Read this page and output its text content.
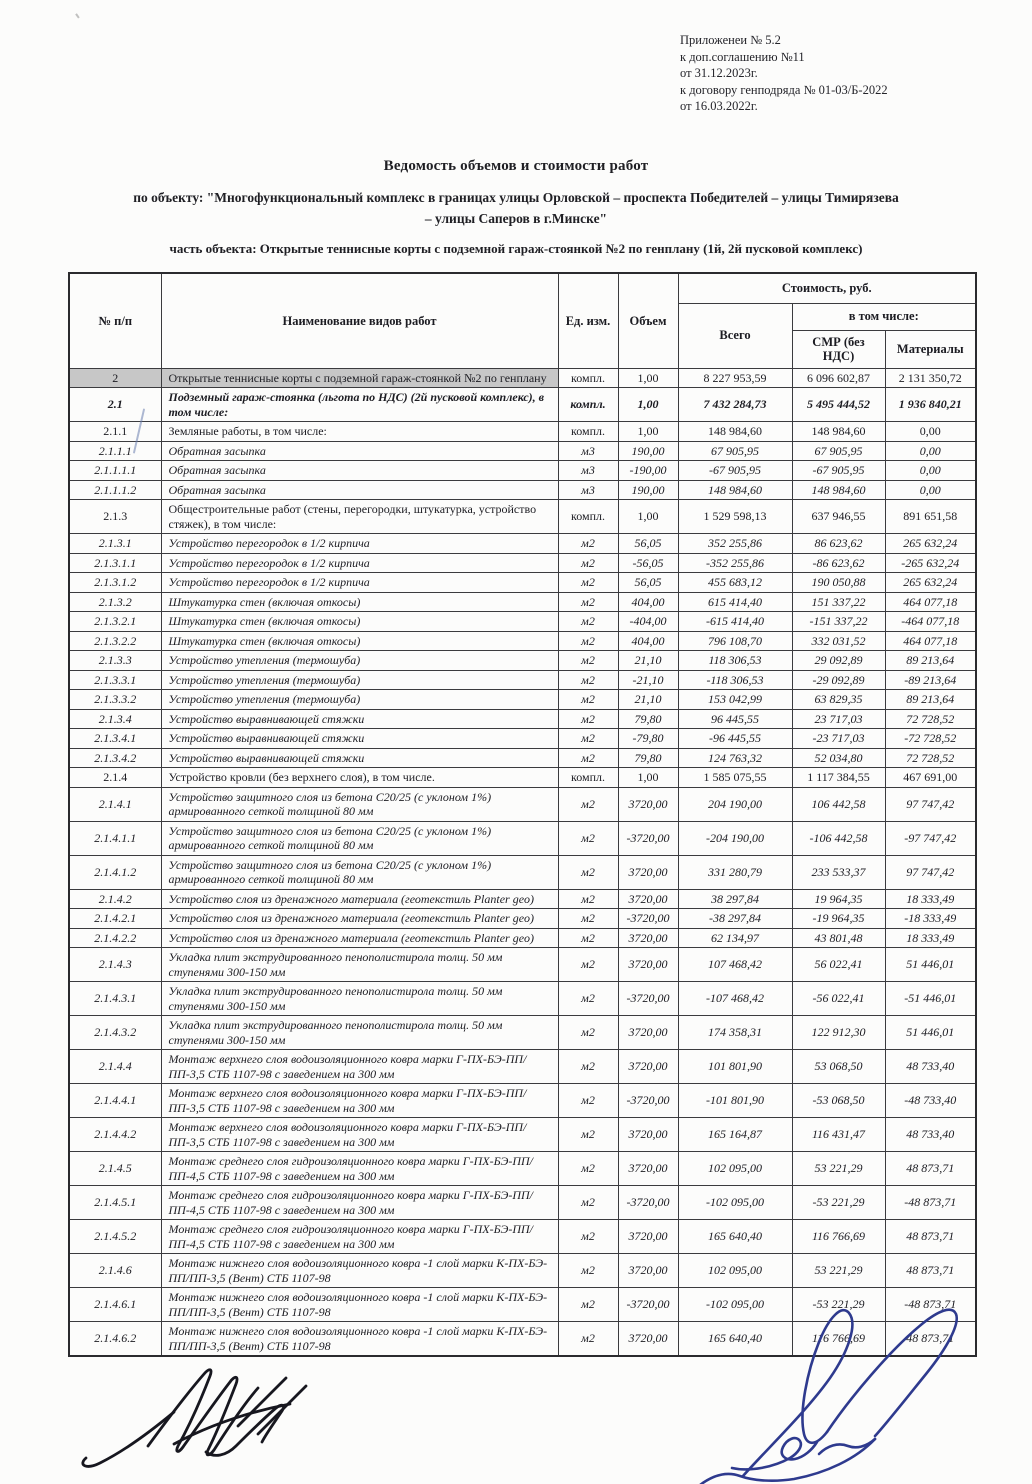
Приложенеи № 5.2
к доп.соглашению №11
от 31.12.2023г.
к договору генподряда № 01-03/Б-2022
от 16.03.2022г.
Ведомость объемов и стоимости работ
по объекту: "Многофункциональный комплекс в границах улицы Орловской – проспекта Победителей – улицы Тимирязева
– улицы Саперов в г.Минске"
часть объекта: Открытые теннисные корты с подземной гараж-стоянкой №2 по генплану (1й, 2й пусковой комплекс)
№ п/п	Наименование видов работ	Ед. изм.	Объем	Стоимость, руб.		
				Всего	в том числе:	
					СМР (без НДС)	Материалы
2	Открытые теннисные корты с подземной гараж-стоянкой №2 по генплану	компл.	1,00	8 227 953,59	6 096 602,87	2 131 350,72
2.1	Подземный гараж-стоянка (льгота по НДС) (2й пусковой комплекс), в том числе:	компл.	1,00	7 432 284,73	5 495 444,52	1 936 840,21
2.1.1	Земляные работы, в том числе:	компл.	1,00	148 984,60	148 984,60	0,00
2.1.1.1	Обратная засыпка	м3	190,00	67 905,95	67 905,95	0,00
2.1.1.1.1	Обратная засыпка	м3	-190,00	-67 905,95	-67 905,95	0,00
2.1.1.1.2	Обратная засыпка	м3	190,00	148 984,60	148 984,60	0,00
2.1.3	Общестроительные работ (стены, перегородки, штукатурка, устройство стяжек), в том числе:	компл.	1,00	1 529 598,13	637 946,55	891 651,58
2.1.3.1	Устройство перегородок в 1/2 кирпича	м2	56,05	352 255,86	86 623,62	265 632,24
2.1.3.1.1	Устройство перегородок в 1/2 кирпича	м2	-56,05	-352 255,86	-86 623,62	-265 632,24
2.1.3.1.2	Устройство перегородок в 1/2 кирпича	м2	56,05	455 683,12	190 050,88	265 632,24
2.1.3.2	Штукатурка стен (включая откосы)	м2	404,00	615 414,40	151 337,22	464 077,18
2.1.3.2.1	Штукатурка стен (включая откосы)	м2	-404,00	-615 414,40	-151 337,22	-464 077,18
2.1.3.2.2	Штукатурка стен (включая откосы)	м2	404,00	796 108,70	332 031,52	464 077,18
2.1.3.3	Устройство утепления (термошуба)	м2	21,10	118 306,53	29 092,89	89 213,64
2.1.3.3.1	Устройство утепления (термошуба)	м2	-21,10	-118 306,53	-29 092,89	-89 213,64
2.1.3.3.2	Устройство утепления (термошуба)	м2	21,10	153 042,99	63 829,35	89 213,64
2.1.3.4	Устройство выравнивающей стяжки	м2	79,80	96 445,55	23 717,03	72 728,52
2.1.3.4.1	Устройство выравнивающей стяжки	м2	-79,80	-96 445,55	-23 717,03	-72 728,52
2.1.3.4.2	Устройство выравнивающей стяжки	м2	79,80	124 763,32	52 034,80	72 728,52
2.1.4	Устройство кровли (без верхнего слоя), в том числе.	компл.	1,00	1 585 075,55	1 117 384,55	467 691,00
2.1.4.1	Устройство защитного слоя из бетона С20/25 (с уклоном 1%) армированного сеткой толщиной 80 мм	м2	3720,00	204 190,00	106 442,58	97 747,42
2.1.4.1.1	Устройство защитного слоя из бетона С20/25 (с уклоном 1%) армированного сеткой толщиной 80 мм	м2	-3720,00	-204 190,00	-106 442,58	-97 747,42
2.1.4.1.2	Устройство защитного слоя из бетона С20/25 (с уклоном 1%) армированного сеткой толщиной 80 мм	м2	3720,00	331 280,79	233 533,37	97 747,42
2.1.4.2	Устройство слоя из дренажного материала (геотекстиль Planter geo)	м2	3720,00	38 297,84	19 964,35	18 333,49
2.1.4.2.1	Устройство слоя из дренажного материала (геотекстиль Planter geo)	м2	-3720,00	-38 297,84	-19 964,35	-18 333,49
2.1.4.2.2	Устройство слоя из дренажного материала (геотекстиль Planter geo)	м2	3720,00	62 134,97	43 801,48	18 333,49
2.1.4.3	Укладка плит экструдированного пенополистирола толщ. 50 мм ступенями 300-150 мм	м2	3720,00	107 468,42	56 022,41	51 446,01
2.1.4.3.1	Укладка плит экструдированного пенополистирола толщ. 50 мм ступенями 300-150 мм	м2	-3720,00	-107 468,42	-56 022,41	-51 446,01
2.1.4.3.2	Укладка плит экструдированного пенополистирола толщ. 50 мм ступенями 300-150 мм	м2	3720,00	174 358,31	122 912,30	51 446,01
2.1.4.4	Монтаж верхнего слоя водоизоляционного ковра марки Г-ПХ-БЭ-ПП/ПП-3,5 СТБ 1107-98 с заведением на 300 мм	м2	3720,00	101 801,90	53 068,50	48 733,40
2.1.4.4.1	Монтаж верхнего слоя водоизоляционного ковра марки Г-ПХ-БЭ-ПП/ПП-3,5 СТБ 1107-98 с заведением на 300 мм	м2	-3720,00	-101 801,90	-53 068,50	-48 733,40
2.1.4.4.2	Монтаж верхнего слоя водоизоляционного ковра марки Г-ПХ-БЭ-ПП/ПП-3,5 СТБ 1107-98 с заведением на 300 мм	м2	3720,00	165 164,87	116 431,47	48 733,40
2.1.4.5	Монтаж среднего слоя гидроизоляционного ковра марки Г-ПХ-БЭ-ПП/ПП-4,5 СТБ 1107-98 с заведением на 300 мм	м2	3720,00	102 095,00	53 221,29	48 873,71
2.1.4.5.1	Монтаж среднего слоя гидроизоляционного ковра марки Г-ПХ-БЭ-ПП/ПП-4,5 СТБ 1107-98 с заведением на 300 мм	м2	-3720,00	-102 095,00	-53 221,29	-48 873,71
2.1.4.5.2	Монтаж среднего слоя гидроизоляционного ковра марки Г-ПХ-БЭ-ПП/ПП-4,5 СТБ 1107-98 с заведением на 300 мм	м2	3720,00	165 640,40	116 766,69	48 873,71
2.1.4.6	Монтаж нижнего слоя водоизоляционного ковра -1 слой марки К-ПХ-БЭ-ПП/ПП-3,5 (Вент) СТБ 1107-98	м2	3720,00	102 095,00	53 221,29	48 873,71
2.1.4.6.1	Монтаж нижнего слоя водоизоляционного ковра -1 слой марки К-ПХ-БЭ-ПП/ПП-3,5 (Вент) СТБ 1107-98	м2	-3720,00	-102 095,00	-53 221,29	-48 873,71
2.1.4.6.2	Монтаж нижнего слоя водоизоляционного ковра -1 слой марки К-ПХ-БЭ-ПП/ПП-3,5 (Вент) СТБ 1107-98	м2	3720,00	165 640,40	116 766,69	48 873,71
